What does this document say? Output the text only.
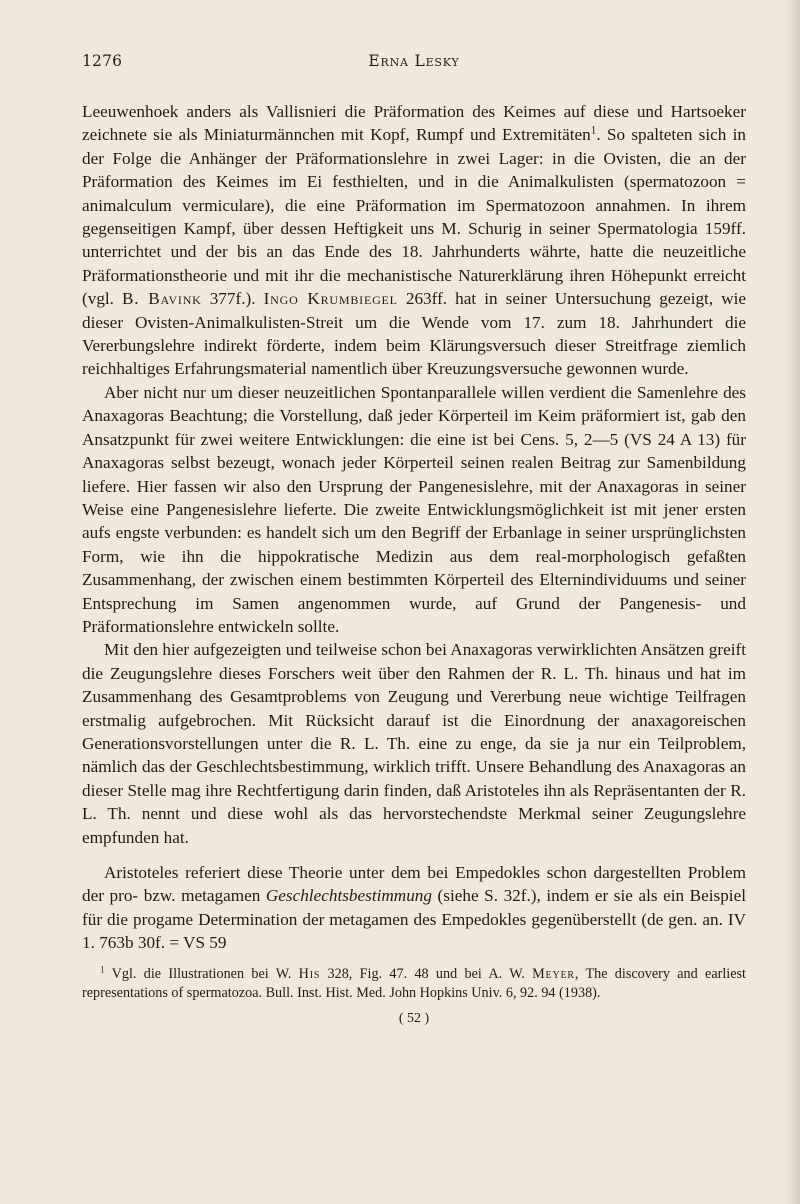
1276	Erna Lesky

Leeuwenhoek anders als Vallisnieri die Präformation des Keimes auf diese und Hartsoeker zeichnete sie als Miniaturmännchen mit Kopf, Rumpf und Extremitäten$^1$. So spalteten sich in der Folge die Anhänger der Präformationslehre in zwei Lager: in die Ovisten, die an der Präformation des Keimes im Ei festhielten, und in die Animalkulisten (spermatozoon = animalculum vermiculare), die eine Präformation im Spermatozoon annahmen. In ihrem gegenseitigen Kampf, über dessen Heftigkeit uns M. Schurig in seiner Spermatologia 159ff. unterrichtet und der bis an das Ende des 18. Jahrhunderts währte, hatte die neuzeitliche Präformationstheorie und mit ihr die mechanistische Naturerklärung ihren Höhepunkt erreicht (vgl. B. Bavink 377f.). Ingo Krumbiegel 263ff. hat in seiner Untersuchung gezeigt, wie dieser Ovisten-Animalkulisten-Streit um die Wende vom 17. zum 18. Jahrhundert die Vererbungslehre indirekt förderte, indem beim Klärungsversuch dieser Streitfrage ziemlich reichhaltiges Erfahrungsmaterial namentlich über Kreuzungsversuche gewonnen wurde.

Aber nicht nur um dieser neuzeitlichen Spontanparallele willen verdient die Samenlehre des Anaxagoras Beachtung; die Vorstellung, daß jeder Körperteil im Keim präformiert ist, gab den Ansatzpunkt für zwei weitere Entwicklungen: die eine ist bei Cens. 5, 2—5 (VS 24 A 13) für Anaxagoras selbst bezeugt, wonach jeder Körperteil seinen realen Beitrag zur Samenbildung liefere. Hier fassen wir also den Ursprung der Pangenesislehre, mit der Anaxagoras in seiner Weise eine Pangenesislehre lieferte. Die zweite Entwicklungsmöglichkeit ist mit jener ersten aufs engste verbunden: es handelt sich um den Begriff der Erbanlage in seiner ursprünglichsten Form, wie ihn die hippokratische Medizin aus dem real-morphologisch gefaßten Zusammenhang, der zwischen einem bestimmten Körperteil des Elternindividuums und seiner Entsprechung im Samen angenommen wurde, auf Grund der Pangenesis- und Präformationslehre entwickeln sollte.

Mit den hier aufgezeigten und teilweise schon bei Anaxagoras verwirklichten Ansätzen greift die Zeugungslehre dieses Forschers weit über den Rahmen der R. L. Th. hinaus und hat im Zusammenhang des Gesamtproblems von Zeugung und Vererbung neue wichtige Teilfragen erstmalig aufgebrochen. Mit Rücksicht darauf ist die Einordnung der anaxagoreischen Generationsvorstellungen unter die R. L. Th. eine zu enge, da sie ja nur ein Teilproblem, nämlich das der Geschlechtsbestimmung, wirklich trifft. Unsere Behandlung des Anaxagoras an dieser Stelle mag ihre Rechtfertigung darin finden, daß Aristoteles ihn als Repräsentanten der R. L. Th. nennt und diese wohl als das hervorstechendste Merkmal seiner Zeugungslehre empfunden hat.

Aristoteles referiert diese Theorie unter dem bei Empedokles schon dargestellten Problem der pro- bzw. metagamen Geschlechtsbestimmung (siehe S. 32f.), indem er sie als ein Beispiel für die progame Determination der metagamen des Empedokles gegenüberstellt (de gen. an. IV 1. 763b 30f. = VS 59

$^1$ Vgl. die Illustrationen bei W. His 328, Fig. 47. 48 und bei A. W. Meyer, The discovery and earliest representations of spermatozoa. Bull. Inst. Hist. Med. John Hopkins Univ. 6, 92. 94 (1938).
( 52 )
